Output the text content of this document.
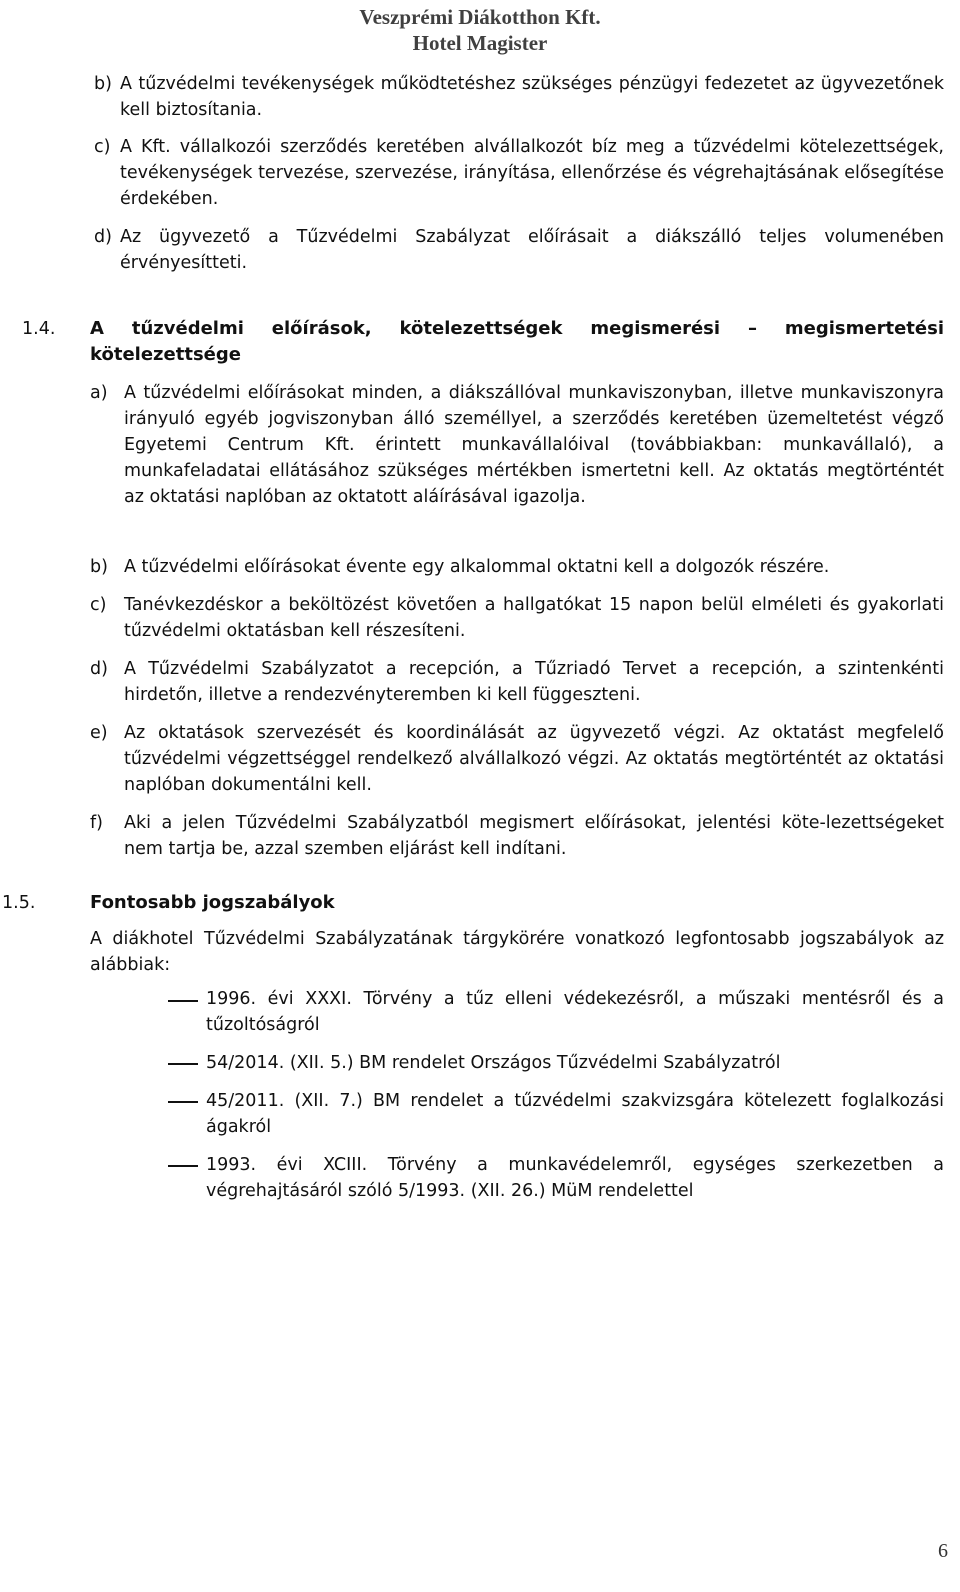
Veszprémi Diákotthon Kft.
Hotel Magister
b) A tűzvédelmi tevékenységek működtetéshez szükséges pénzügyi fedezetet az ügyvezetőnek kell biztosítania.
c) A Kft. vállalkozói szerződés keretében alvállalkozót bíz meg a tűzvédelmi kötelezettségek, tevékenységek tervezése, szervezése, irányítása, ellenőrzése és végrehajtásának elősegítése érdekében.
d) Az ügyvezető a Tűzvédelmi Szabályzat előírásait a diákszálló teljes volumenében érvényesítteti.
1.4. A tűzvédelmi előírások, kötelezettségek megismerési – megismertetési kötelezettsége
a) A tűzvédelmi előírásokat minden, a diákszállóval munkaviszonyban, illetve munkaviszonyra irányuló egyéb jogviszonyban álló személlyel, a szerződés keretében üzemeltetést végző Egyetemi Centrum Kft. érintett munkavállalóival (továbbiakban: munkavállaló), a munkafeladatai ellátásához szükséges mértékben ismertetni kell. Az oktatás megtörténtét az oktatási naplóban az oktatott aláírásával igazolja.
b) A tűzvédelmi előírásokat évente egy alkalommal oktatni kell a dolgozók részére.
c) Tanévkezdéskor a beköltözést követően a hallgatókat 15 napon belül elméleti és gyakorlati tűzvédelmi oktatásban kell részesíteni.
d) A Tűzvédelmi Szabályzatot a recepción, a Tűzriadó Tervet a recepción, a szintenkénti hirdetőn, illetve a rendezvényteremben ki kell függeszteni.
e) Az oktatások szervezését és koordinálását az ügyvezető végzi. Az oktatást megfelelő tűzvédelmi végzettséggel rendelkező alvállalkozó végzi. Az oktatás megtörténtét az oktatási naplóban dokumentálni kell.
f) Aki a jelen Tűzvédelmi Szabályzatból megismert előírásokat, jelentési köte-lezettségeket nem tartja be, azzal szemben eljárást kell indítani.
1.5.	Fontosabb jogszabályok
A diákhotel Tűzvédelmi Szabályzatának tárgykörére vonatkozó legfontosabb jogszabályok az alábbiak:
1996. évi XXXI. Törvény a tűz elleni védekezésről, a műszaki mentésről és a tűzoltóságról
54/2014. (XII. 5.) BM rendelet Országos Tűzvédelmi Szabályzatról
45/2011. (XII. 7.) BM rendelet a tűzvédelmi szakvizsgára kötelezett foglalkozási ágakról
1993. évi XCIII. Törvény a munkavédelemről, egységes szerkezetben a végrehajtásáról szóló 5/1993. (XII. 26.) MüM rendelettel
6
